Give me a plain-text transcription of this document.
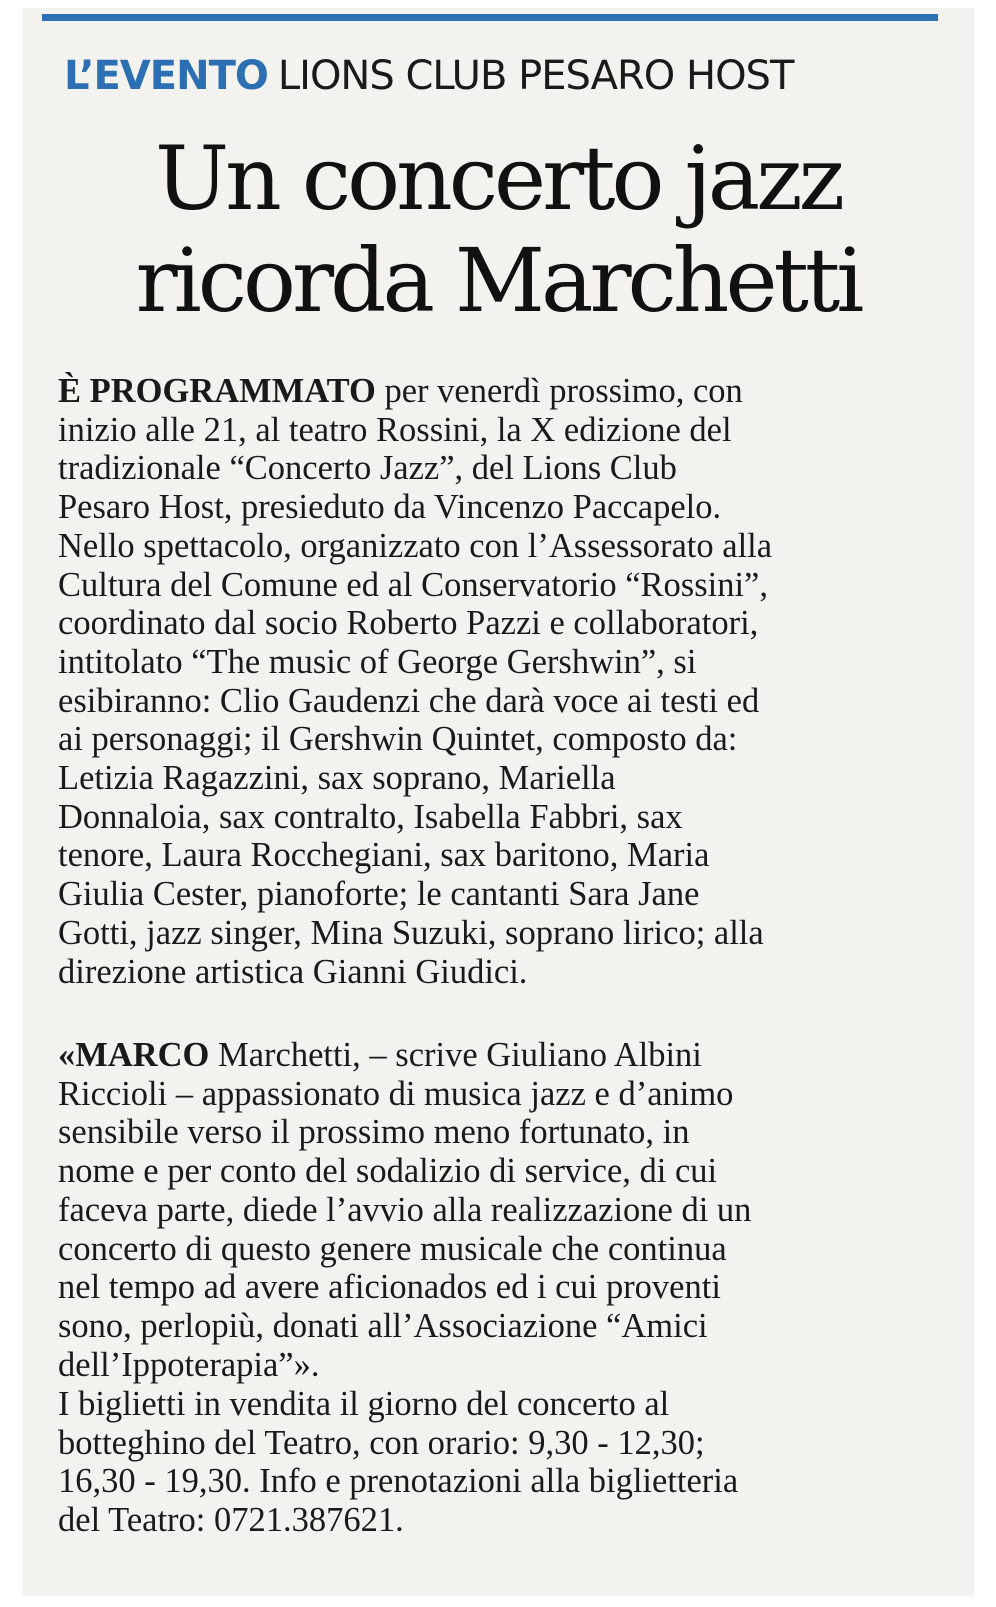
L’EVENTO LIONS CLUB PESARO HOST
Un concerto jazz
ricorda Marchetti
È PROGRAMMATO per venerdì prossimo, con
inizio alle 21, al teatro Rossini, la X edizione del
tradizionale “Concerto Jazz”, del Lions Club
Pesaro Host, presieduto da Vincenzo Paccapelo.
Nello spettacolo, organizzato con l’Assessorato alla
Cultura del Comune ed al Conservatorio “Rossini”,
coordinato dal socio Roberto Pazzi e collaboratori,
intitolato “The music of George Gershwin”, si
esibiranno: Clio Gaudenzi che darà voce ai testi ed
ai personaggi; il Gershwin Quintet, composto da:
Letizia Ragazzini, sax soprano, Mariella
Donnaloia, sax contralto, Isabella Fabbri, sax
tenore, Laura Rocchegiani, sax baritono, Maria
Giulia Cester, pianoforte; le cantanti Sara Jane
Gotti, jazz singer, Mina Suzuki, soprano lirico; alla
direzione artistica Gianni Giudici.
«MARCO Marchetti, – scrive Giuliano Albini
Riccioli – appassionato di musica jazz e d’animo
sensibile verso il prossimo meno fortunato, in
nome e per conto del sodalizio di service, di cui
faceva parte, diede l’avvio alla realizzazione di un
concerto di questo genere musicale che continua
nel tempo ad avere aficionados ed i cui proventi
sono, perlopiù, donati all’Associazione “Amici
dell’Ippoterapia”».
I biglietti in vendita il giorno del concerto al
botteghino del Teatro, con orario: 9,30 - 12,30;
16,30 - 19,30. Info e prenotazioni alla biglietteria
del Teatro: 0721.387621.
